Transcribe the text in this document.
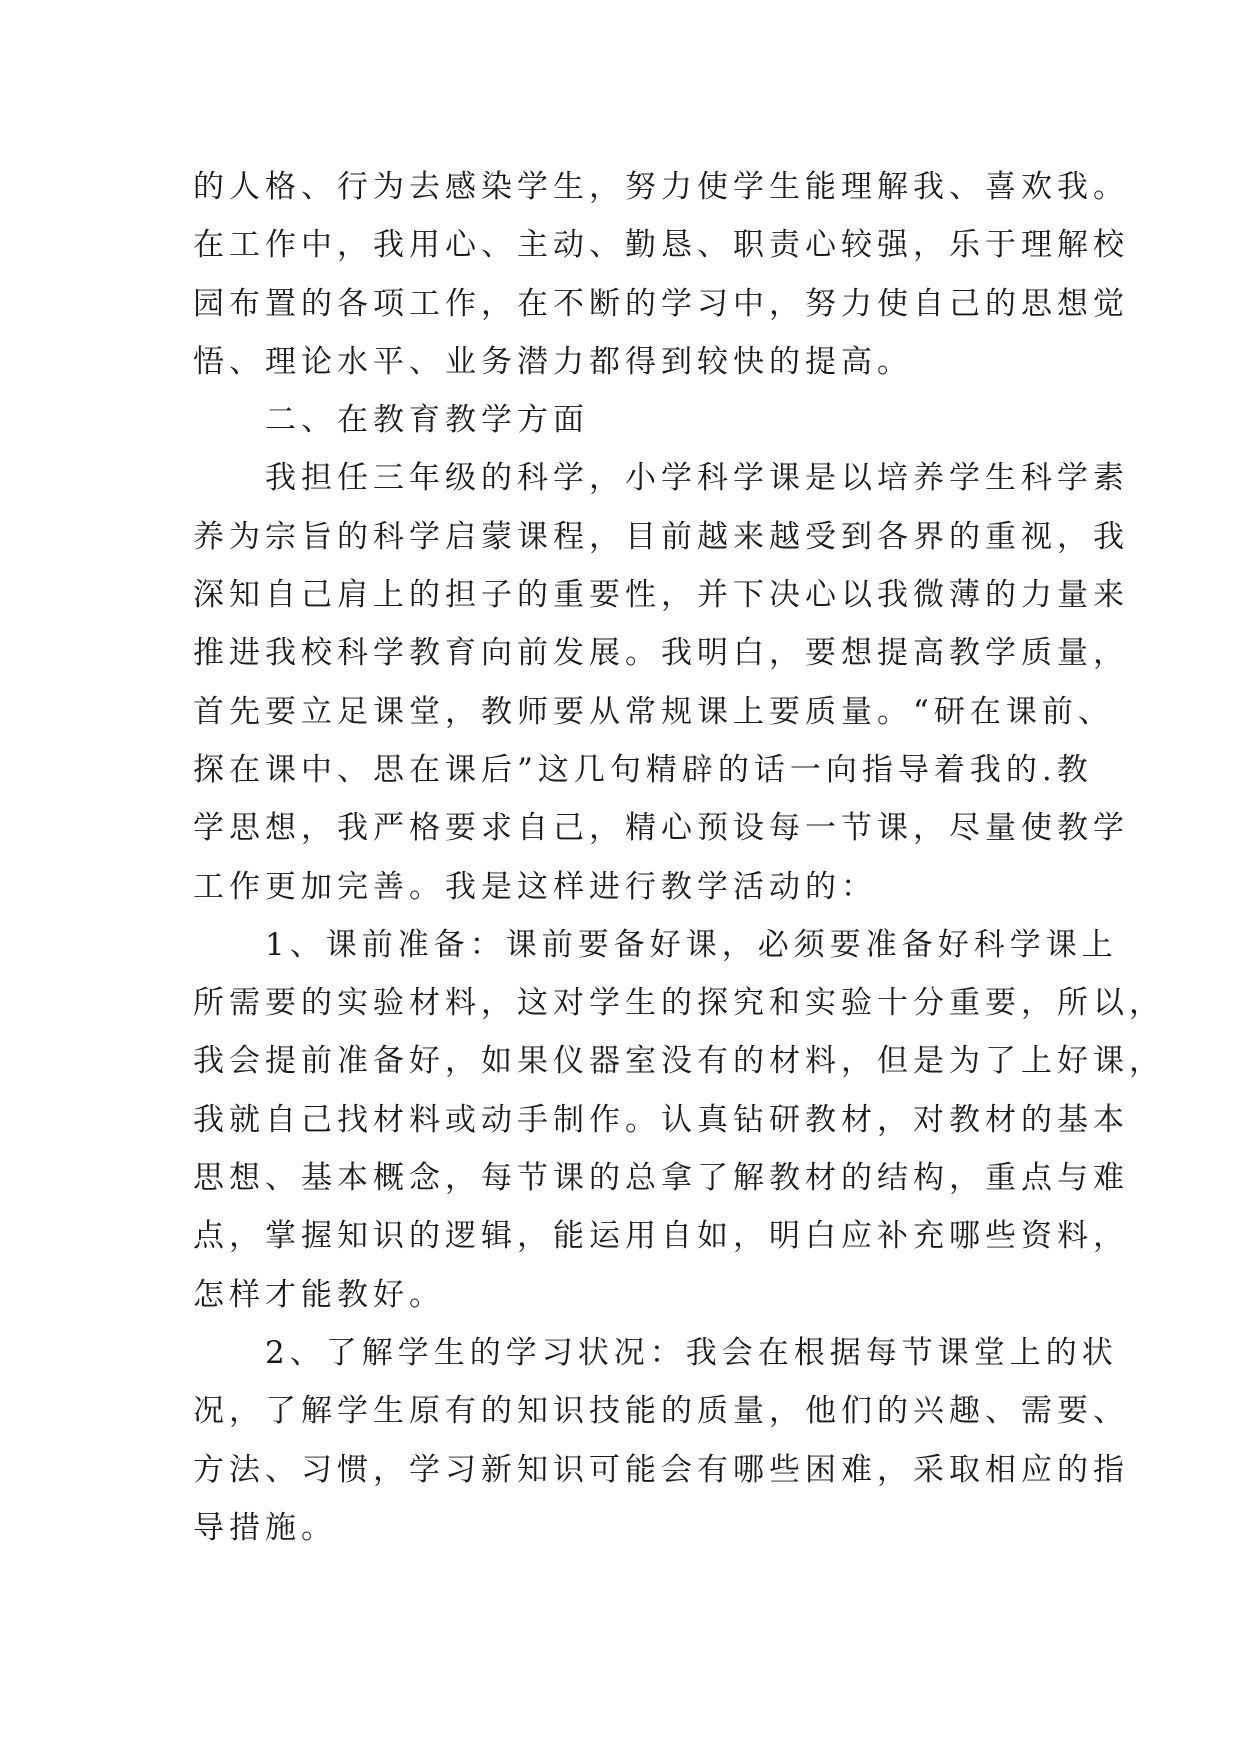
的人格、行为去感染学生，努力使学生能理解我、喜欢我。
在工作中，我用心、主动、勤恳、职责心较强，乐于理解校
园布置的各项工作，在不断的学习中，努力使自己的思想觉
悟、理论水平、业务潜力都得到较快的提高。
二、在教育教学方面
我担任三年级的科学，小学科学课是以培养学生科学素
养为宗旨的科学启蒙课程，目前越来越受到各界的重视，我
深知自己肩上的担子的重要性，并下决心以我微薄的力量来
推进我校科学教育向前发展。我明白，要想提高教学质量，
首先要立足课堂，教师要从常规课上要质量。“研在课前、
探在课中、思在课后”这几句精辟的话一向指导着我的.教
学思想，我严格要求自己，精心预设每一节课，尽量使教学
工作更加完善。我是这样进行教学活动的：
1、课前准备：课前要备好课，必须要准备好科学课上
所需要的实验材料，这对学生的探究和实验十分重要，所以，
我会提前准备好，如果仪器室没有的材料，但是为了上好课，
我就自己找材料或动手制作。认真钻研教材，对教材的基本
思想、基本概念，每节课的总拿了解教材的结构，重点与难
点，掌握知识的逻辑，能运用自如，明白应补充哪些资料，
怎样才能教好。
2、了解学生的学习状况：我会在根据每节课堂上的状
况，了解学生原有的知识技能的质量，他们的兴趣、需要、
方法、习惯，学习新知识可能会有哪些困难，采取相应的指
导措施。
